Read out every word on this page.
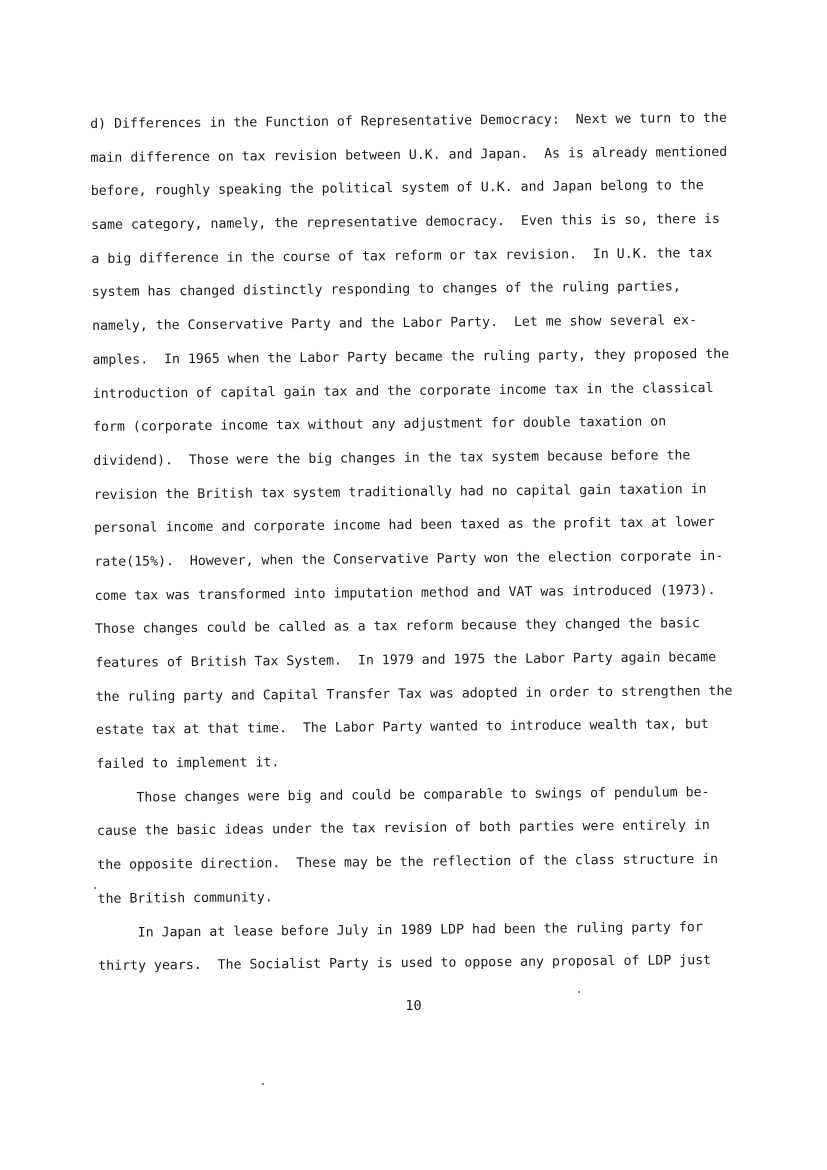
d) Differences in the Function of Representative Democracy:  Next we turn to the
main difference on tax revision between U.K. and Japan.  As is already mentioned
before, roughly speaking the political system of U.K. and Japan belong to the
same category, namely, the representative democracy.  Even this is so, there is
a big difference in the course of tax reform or tax revision.  In U.K. the tax
system has changed distinctly responding to changes of the ruling parties,
namely, the Conservative Party and the Labor Party.  Let me show several ex-
amples.  In 1965 when the Labor Party became the ruling party, they proposed the
introduction of capital gain tax and the corporate income tax in the classical
form (corporate income tax without any adjustment for double taxation on
dividend).  Those were the big changes in the tax system because before the
revision the British tax system traditionally had no capital gain taxation in
personal income and corporate income had been taxed as the profit tax at lower
rate(15%).  However, when the Conservative Party won the election corporate in-
come tax was transformed into imputation method and VAT was introduced (1973).
Those changes could be called as a tax reform because they changed the basic
features of British Tax System.  In 1979 and 1975 the Labor Party again became
the ruling party and Capital Transfer Tax was adopted in order to strengthen the
estate tax at that time.  The Labor Party wanted to introduce wealth tax, but
failed to implement it.
Those changes were big and could be comparable to swings of pendulum be-
cause the basic ideas under the tax revision of both parties were entirely in
the opposite direction.  These may be the reflection of the class structure in
the British community.
In Japan at lease before July in 1989 LDP had been the ruling party for
thirty years.  The Socialist Party is used to oppose any proposal of LDP just
10
